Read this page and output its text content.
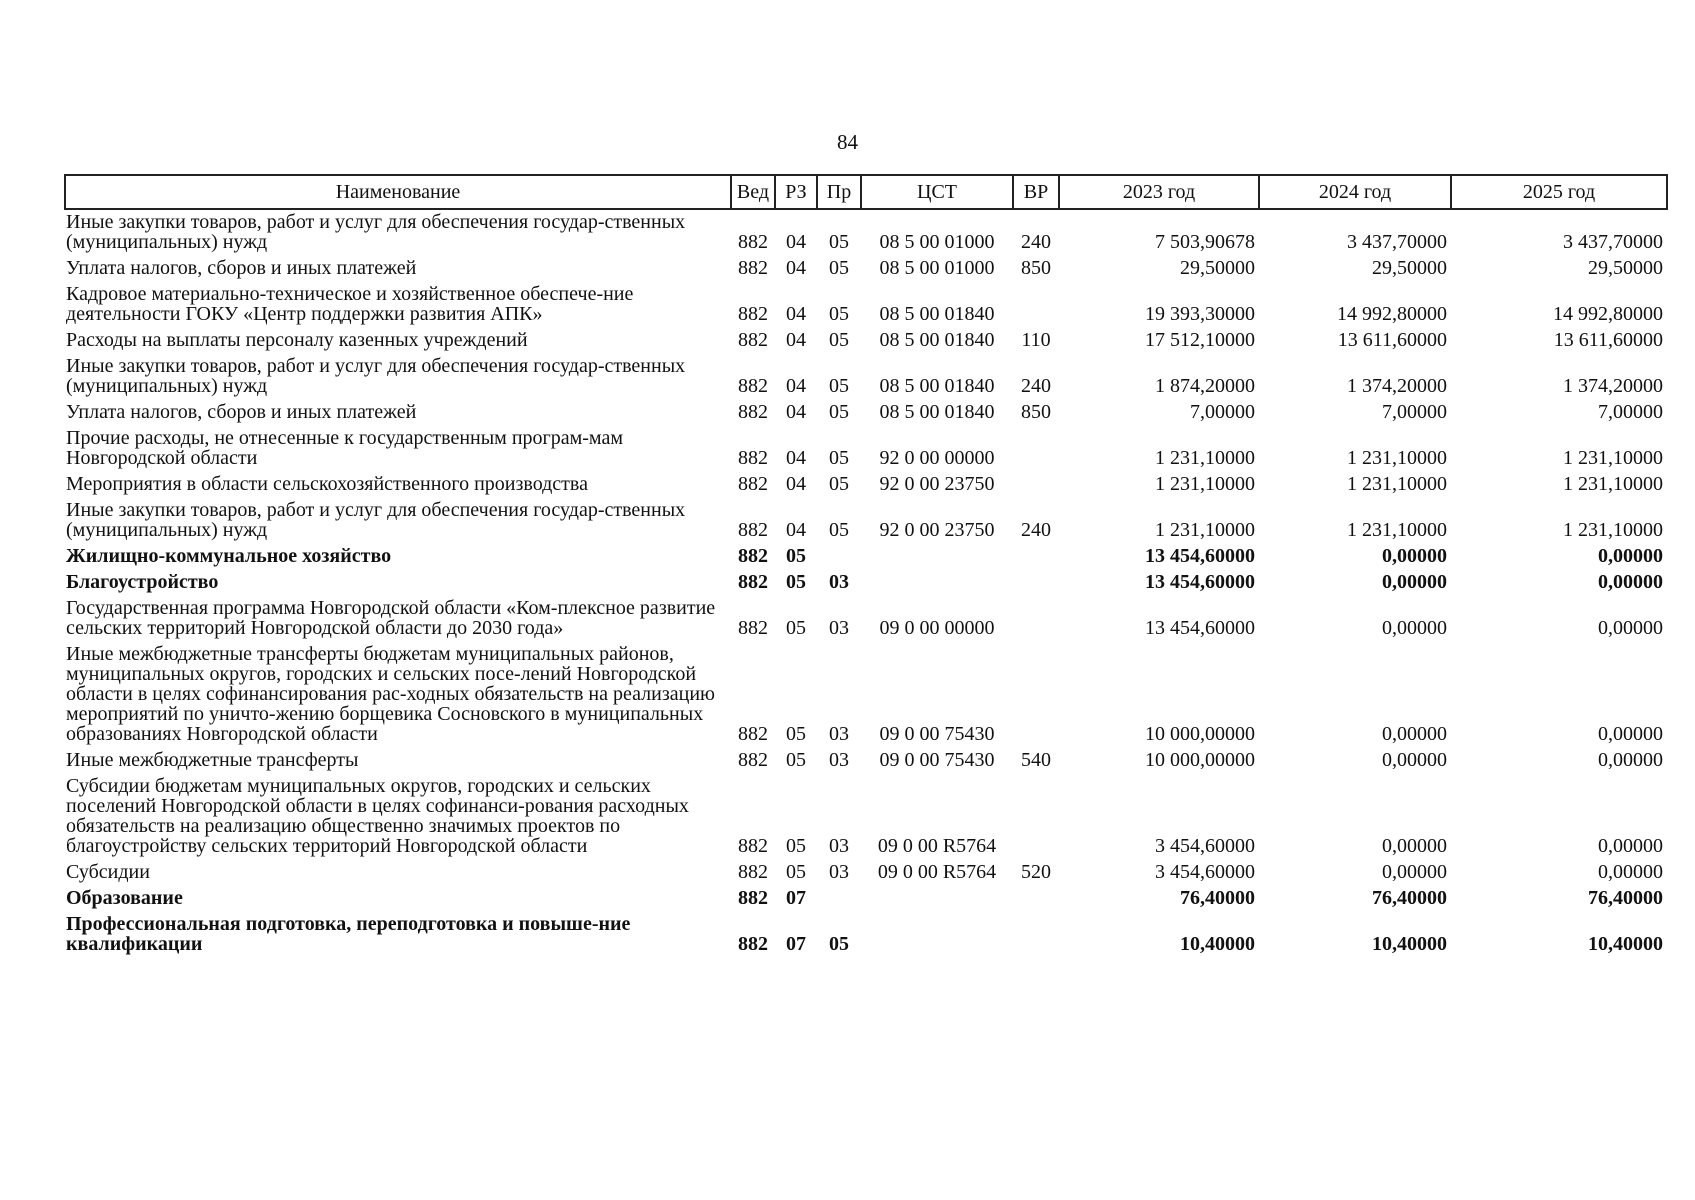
84
Наименование	Вед	РЗ	Пр	ЦСТ	ВР	2023 год	2024 год	2025 год
Иные закупки товаров, работ и услуг для обеспечения государ-ственных (муниципальных) нужд	882	04	05	08 5 00 01000	240	7 503,90678	3 437,70000	3 437,70000
Уплата налогов, сборов и иных платежей	882	04	05	08 5 00 01000	850	29,50000	29,50000	29,50000
Кадровое материально-техническое и хозяйственное обеспече-ние деятельности ГОКУ «Центр поддержки развития АПК»	882	04	05	08 5 00 01840		19 393,30000	14 992,80000	14 992,80000
Расходы на выплаты персоналу казенных учреждений	882	04	05	08 5 00 01840	110	17 512,10000	13 611,60000	13 611,60000
Иные закупки товаров, работ и услуг для обеспечения государ-ственных (муниципальных) нужд	882	04	05	08 5 00 01840	240	1 874,20000	1 374,20000	1 374,20000
Уплата налогов, сборов и иных платежей	882	04	05	08 5 00 01840	850	7,00000	7,00000	7,00000
Прочие расходы, не отнесенные к государственным програм-мам Новгородской области	882	04	05	92 0 00 00000		1 231,10000	1 231,10000	1 231,10000
Мероприятия в области сельскохозяйственного производства	882	04	05	92 0 00 23750		1 231,10000	1 231,10000	1 231,10000
Иные закупки товаров, работ и услуг для обеспечения государ-ственных (муниципальных) нужд	882	04	05	92 0 00 23750	240	1 231,10000	1 231,10000	1 231,10000
Жилищно-коммунальное хозяйство	882	05				13 454,60000	0,00000	0,00000
Благоустройство	882	05	03			13 454,60000	0,00000	0,00000
Государственная программа Новгородской области «Ком-плексное развитие сельских территорий Новгородской области до 2030 года»	882	05	03	09 0 00 00000		13 454,60000	0,00000	0,00000
Иные межбюджетные трансферты бюджетам муниципальных районов, муниципальных округов, городских и сельских посе-лений Новгородской области в целях софинансирования рас-ходных обязательств на реализацию мероприятий по уничто-жению борщевика Сосновского в муниципальных образованиях Новгородской области	882	05	03	09 0 00 75430		10 000,00000	0,00000	0,00000
Иные межбюджетные трансферты	882	05	03	09 0 00 75430	540	10 000,00000	0,00000	0,00000
Субсидии бюджетам муниципальных округов, городских и сельских поселений Новгородской области в целях софинанси-рования расходных обязательств на реализацию общественно значимых проектов по благоустройству сельских территорий Новгородской области	882	05	03	09 0 00 R5764		3 454,60000	0,00000	0,00000
Субсидии	882	05	03	09 0 00 R5764	520	3 454,60000	0,00000	0,00000
Образование	882	07				76,40000	76,40000	76,40000
Профессиональная подготовка, переподготовка и повыше-ние квалификации	882	07	05			10,40000	10,40000	10,40000
